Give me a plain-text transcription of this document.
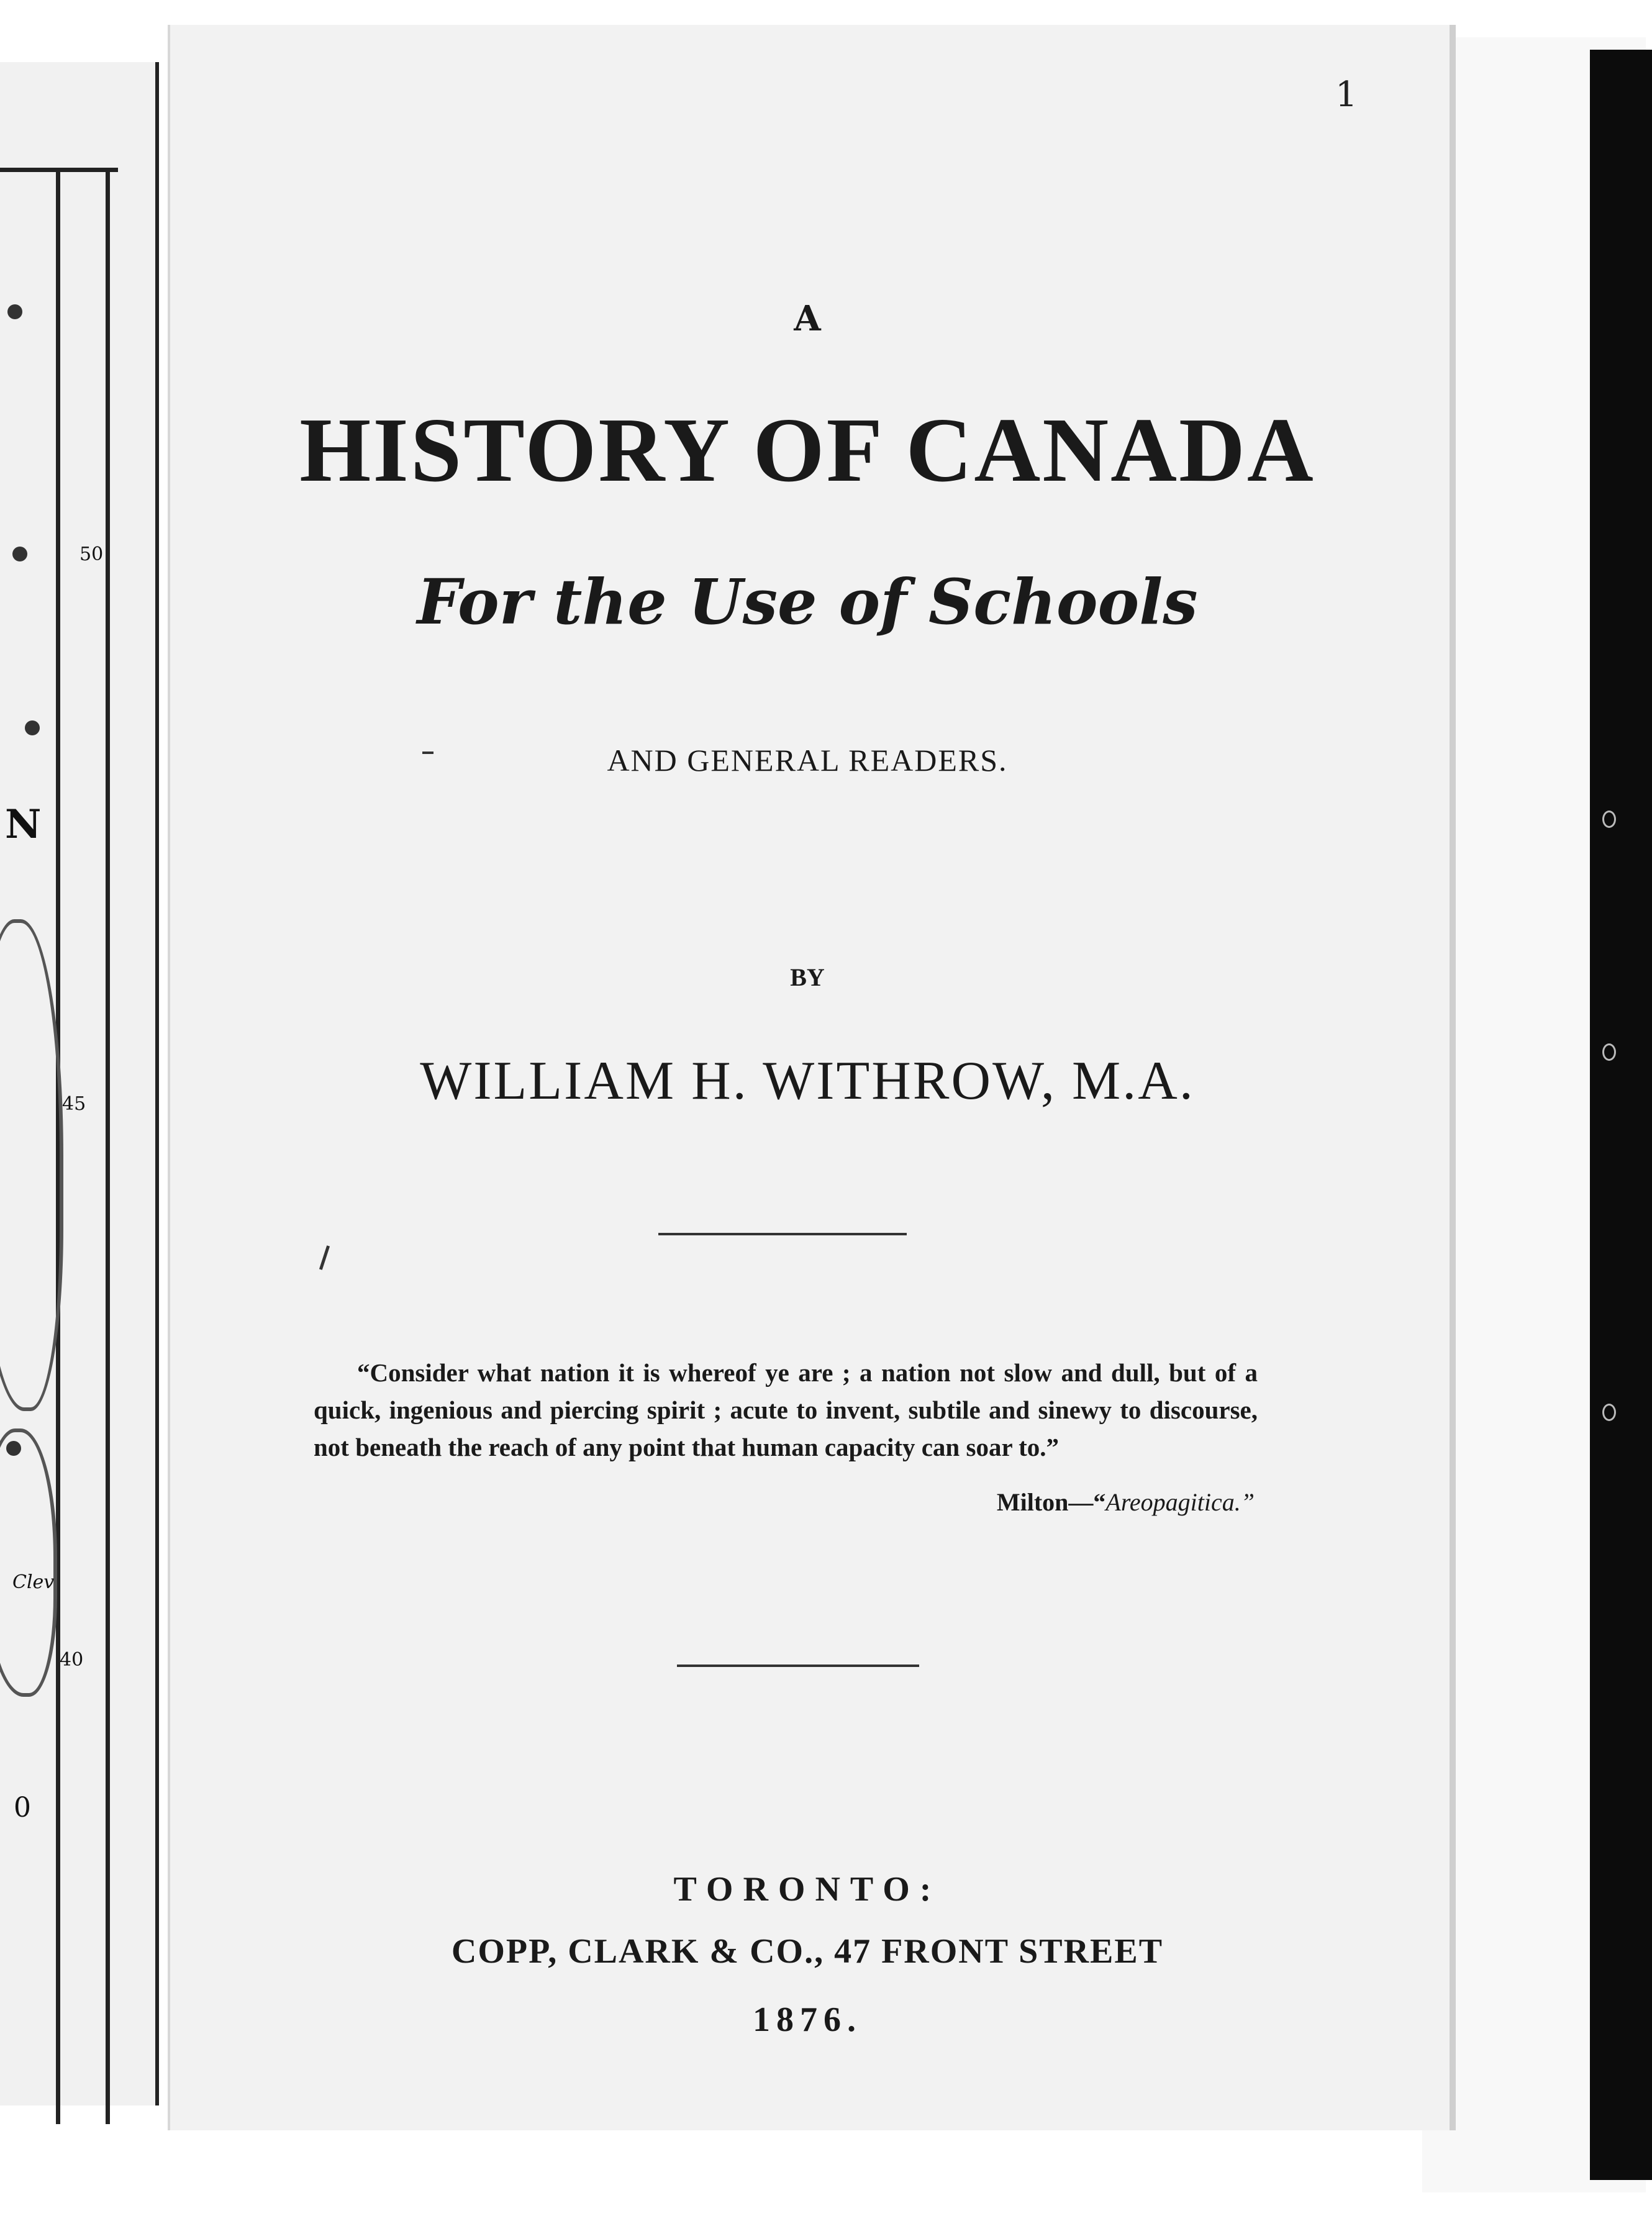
50
45
40
N
Clev
0
1
A
HISTORY OF CANADA
For the Use of Schools
AND GENERAL READERS.
BY
WILLIAM H. WITHROW, M.A.
“Consider what nation it is whereof ye are ; a nation not slow and dull, but of a quick, ingenious and piercing spirit ; acute to invent, subtile and sinewy to discourse, not beneath the reach of any point that human capacity can soar to.”
Milton—“Areopagitica.”
TORONTO:
COPP, CLARK & CO., 47 FRONT STREET
1876.
